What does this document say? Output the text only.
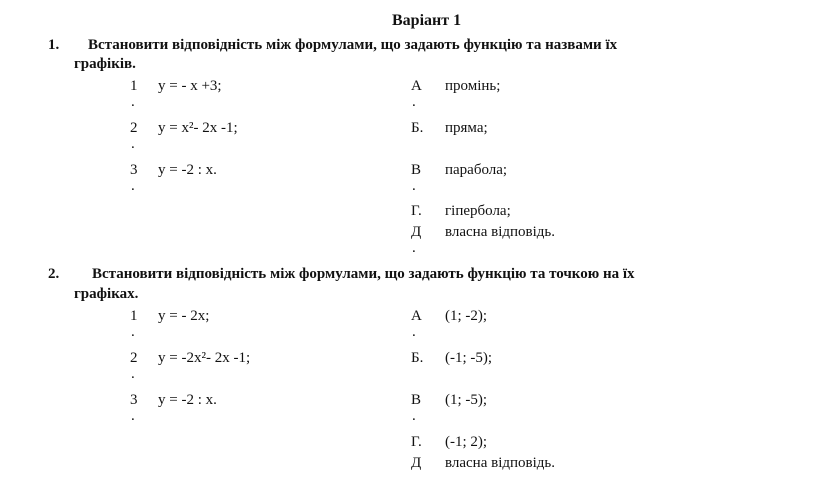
Варіант 1
1. Встановити відповідність між формулами, що задають функцію та назвами їх
графіків.
1 y = - x +3;
.
2 y = x²- 2x -1;
.
3 y = -2 : x.
.
А промінь;
.
Б. пряма;
В парабола;
.
Г. гіпербола;
Д власна відповідь.
.
2. Встановити відповідність між формулами, що задають функцію та точкою на їх
графіках.
1 y = - 2x;
.
2 y = -2x²- 2x -1;
.
3 y = -2 : x.
.
А (1; -2);
.
Б. (-1; -5);
В (1; -5);
.
Г. (-1; 2);
Д власна відповідь.
